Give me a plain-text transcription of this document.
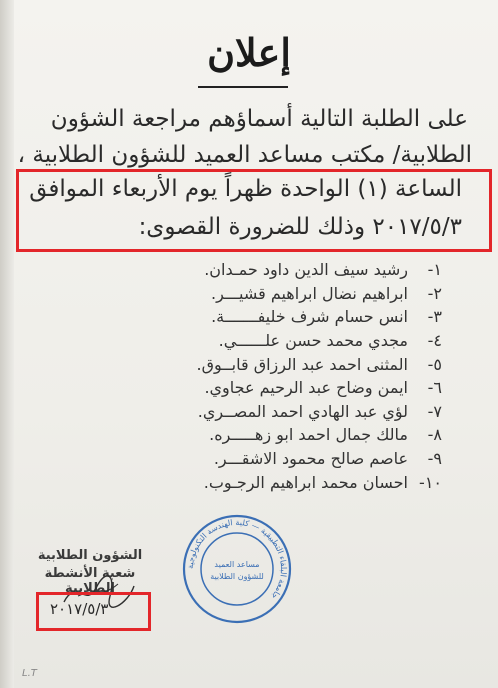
إعلان
على الطلبة التالية أسماؤهم مراجعة الشؤون
الطلابية/ مكتب مساعد العميد للشؤون الطلابية ،
الساعة (١) الواحدة ظهراً يوم الأربعاء الموافق
٢٠١٧/٥/٣ وذلك للضرورة القصوى:
١-
رشيد سيف الدين داود حمـدان.
٢-
ابراهيم نضال ابراهيم قشيـــر.
٣-
انس حسام شرف خليفـــــــة.
٤-
مجدي محمد حسن علــــــي.
٥-
المثنى احمد عبد الرزاق قابــوق.
٦-
ايمن وضاح عبد الرحيم عجاوي.
٧-
لؤي عبد الهادي احمد المصــري.
٨-
مالك جمال احمد ابو زهـــــره.
٩-
عاصم صالح محمود الاشقـــر.
١٠-
احسان محمد ابراهيم الرجـوب.
جامعة البلقاء التطبيقية — كلية الهندسة التكنولوجية
مساعد العميد
للشؤون الطلابية
الشؤون الطلابية
شعبة الأنشطة الطلابية
٢٠١٧/٥/٣
L.T
